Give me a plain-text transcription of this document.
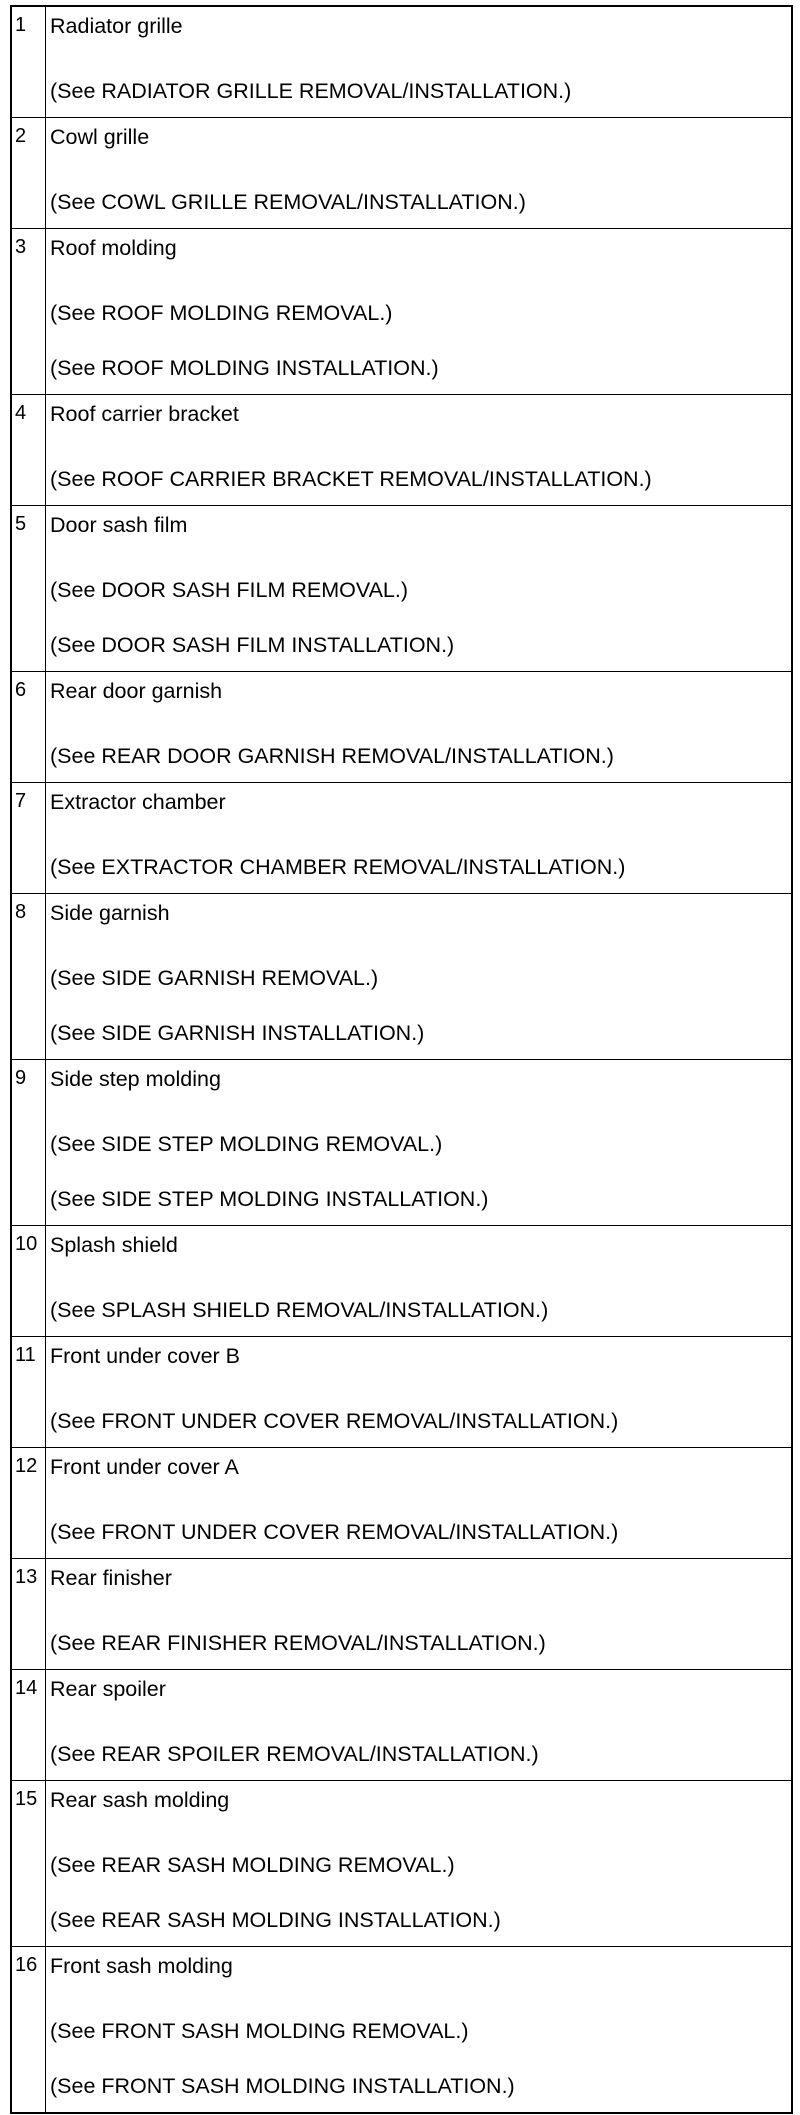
1	Radiator grille
(See RADIATOR GRILLE REMOVAL/INSTALLATION.)

2	Cowl grille
(See COWL GRILLE REMOVAL/INSTALLATION.)

3	Roof molding
(See ROOF MOLDING REMOVAL.)
(See ROOF MOLDING INSTALLATION.)

4	Roof carrier bracket
(See ROOF CARRIER BRACKET REMOVAL/INSTALLATION.)

5	Door sash film
(See DOOR SASH FILM REMOVAL.)
(See DOOR SASH FILM INSTALLATION.)

6	Rear door garnish
(See REAR DOOR GARNISH REMOVAL/INSTALLATION.)

7	Extractor chamber
(See EXTRACTOR CHAMBER REMOVAL/INSTALLATION.)

8	Side garnish
(See SIDE GARNISH REMOVAL.)
(See SIDE GARNISH INSTALLATION.)

9	Side step molding
(See SIDE STEP MOLDING REMOVAL.)
(See SIDE STEP MOLDING INSTALLATION.)

10	Splash shield
(See SPLASH SHIELD REMOVAL/INSTALLATION.)

11	Front under cover B
(See FRONT UNDER COVER REMOVAL/INSTALLATION.)

12	Front under cover A
(See FRONT UNDER COVER REMOVAL/INSTALLATION.)

13	Rear finisher
(See REAR FINISHER REMOVAL/INSTALLATION.)

14	Rear spoiler
(See REAR SPOILER REMOVAL/INSTALLATION.)

15	Rear sash molding
(See REAR SASH MOLDING REMOVAL.)
(See REAR SASH MOLDING INSTALLATION.)

16	Front sash molding
(See FRONT SASH MOLDING REMOVAL.)
(See FRONT SASH MOLDING INSTALLATION.)
